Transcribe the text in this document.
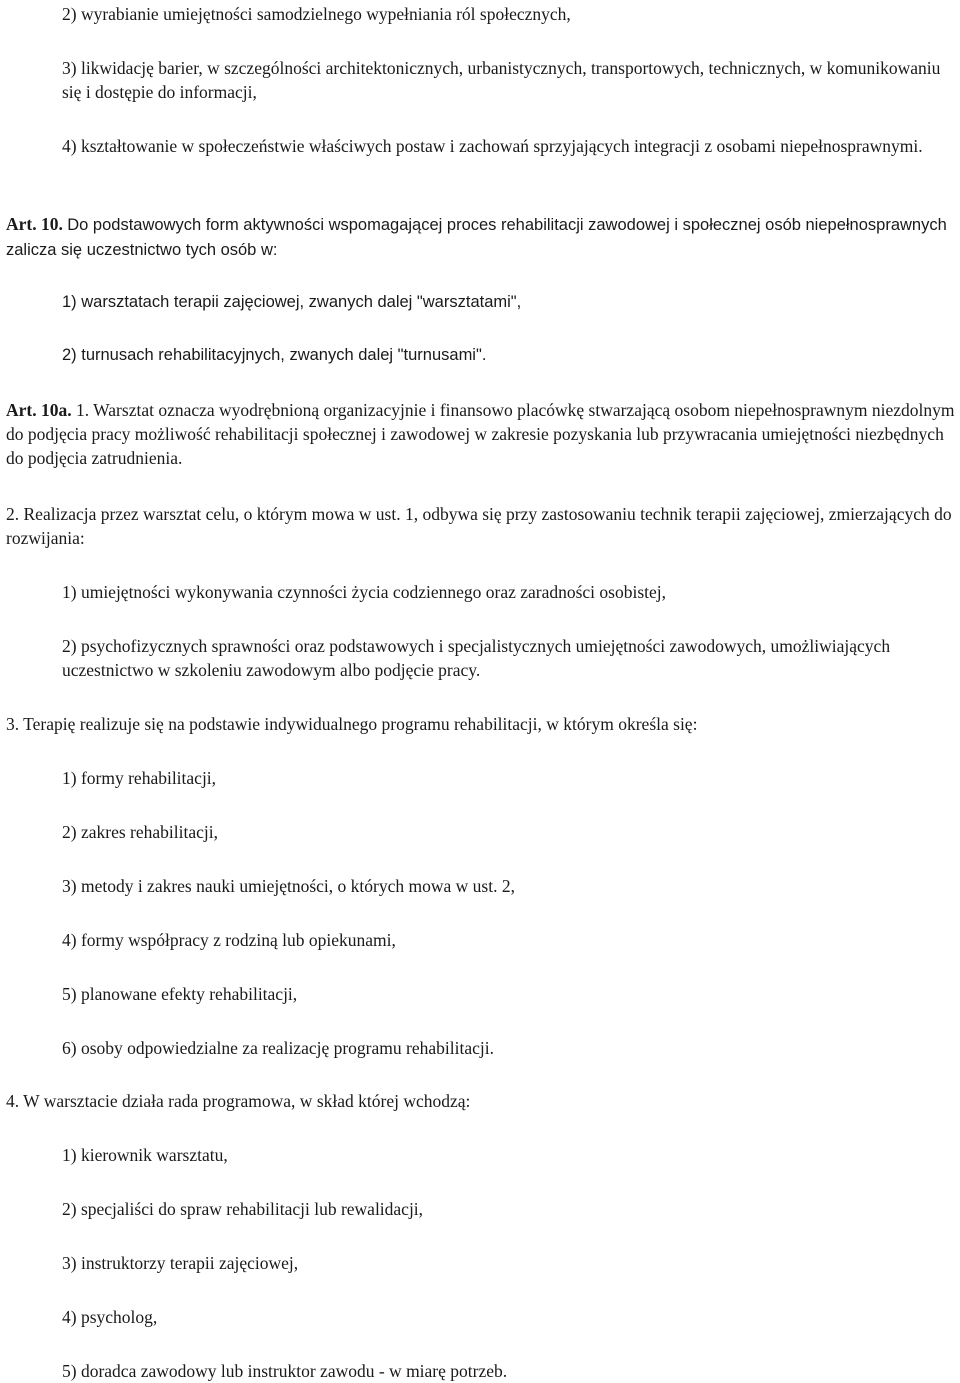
2) wyrabianie umiejętności samodzielnego wypełniania ról społecznych,

3) likwidację barier, w szczególności architektonicznych, urbanistycznych, transportowych, technicznych, w komunikowaniu się i dostępie do informacji,

4) kształtowanie w społeczeństwie właściwych postaw i zachowań sprzyjających integracji z osobami niepełnosprawnymi.

Art. 10. Do podstawowych form aktywności wspomagającej proces rehabilitacji zawodowej i społecznej osób niepełnosprawnych zalicza się uczestnictwo tych osób w:

1) warsztatach terapii zajęciowej, zwanych dalej "warsztatami",

2) turnusach rehabilitacyjnych, zwanych dalej "turnusami".

Art. 10a. 1. Warsztat oznacza wyodrębnioną organizacyjnie i finansowo placówkę stwarzającą osobom niepełnosprawnym niezdolnym do podjęcia pracy możliwość rehabilitacji społecznej i zawodowej w zakresie pozyskania lub przywracania umiejętności niezbędnych do podjęcia zatrudnienia.

2. Realizacja przez warsztat celu, o którym mowa w ust. 1, odbywa się przy zastosowaniu technik terapii zajęciowej, zmierzających do rozwijania:

1) umiejętności wykonywania czynności życia codziennego oraz zaradności osobistej,

2) psychofizycznych sprawności oraz podstawowych i specjalistycznych umiejętności zawodowych, umożliwiających uczestnictwo w szkoleniu zawodowym albo podjęcie pracy.

3. Terapię realizuje się na podstawie indywidualnego programu rehabilitacji, w którym określa się:

1) formy rehabilitacji,

2) zakres rehabilitacji,

3) metody i zakres nauki umiejętności, o których mowa w ust. 2,

4) formy współpracy z rodziną lub opiekunami,

5) planowane efekty rehabilitacji,

6) osoby odpowiedzialne za realizację programu rehabilitacji.

4. W warsztacie działa rada programowa, w skład której wchodzą:

1) kierownik warsztatu,

2) specjaliści do spraw rehabilitacji lub rewalidacji,

3) instruktorzy terapii zajęciowej,

4) psycholog,

5) doradca zawodowy lub instruktor zawodu - w miarę potrzeb.
